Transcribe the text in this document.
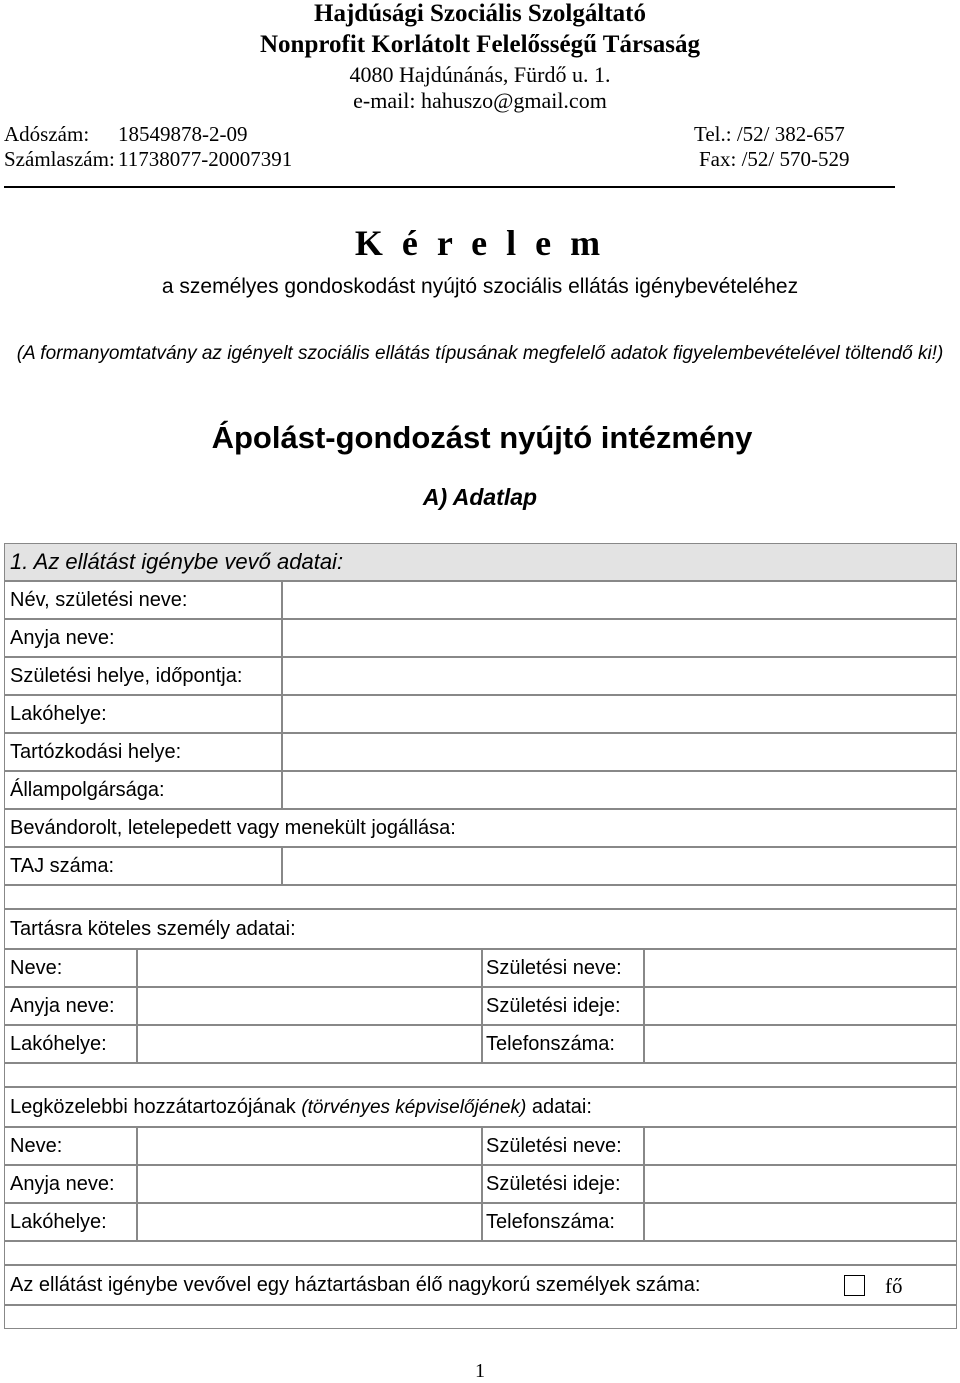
Hajdúsági Szociális Szolgáltató
Nonprofit Korlátolt Felelősségű Társaság
4080 Hajdúnánás, Fürdő u. 1.
e-mail: hahuszo@gmail.com
Adószám: 18549878-2-09
Számlaszám: 11738077-20007391
Tel.: /52/ 382-657
Fax: /52/ 570-529
K é r e l e m
a személyes gondoskodást nyújtó szociális ellátás igénybevételéhez
(A formanyomtatvány az igényelt szociális ellátás típusának megfelelő adatok figyelembevételével töltendő ki!)
Ápolást-gondozást nyújtó intézmény
A) Adatlap
1. Az ellátást igénybe vevő adatai:
Név, születési neve:
Anyja neve:
Születési helye, időpontja:
Lakóhelye:
Tartózkodási helye:
Állampolgársága:
Bevándorolt, letelepedett vagy menekült jogállása:
TAJ száma:
Tartásra köteles személy adatai:
Neve:	Születési neve:
Anyja neve:	Születési ideje:
Lakóhelye:	Telefonszáma:
Legközelebbi hozzátartozójának (törvényes képviselőjének) adatai:
Neve:	Születési neve:
Anyja neve:	Születési ideje:
Lakóhelye:	Telefonszáma:
Az ellátást igénybe vevővel egy háztartásban élő nagykorú személyek száma:	fő
1
